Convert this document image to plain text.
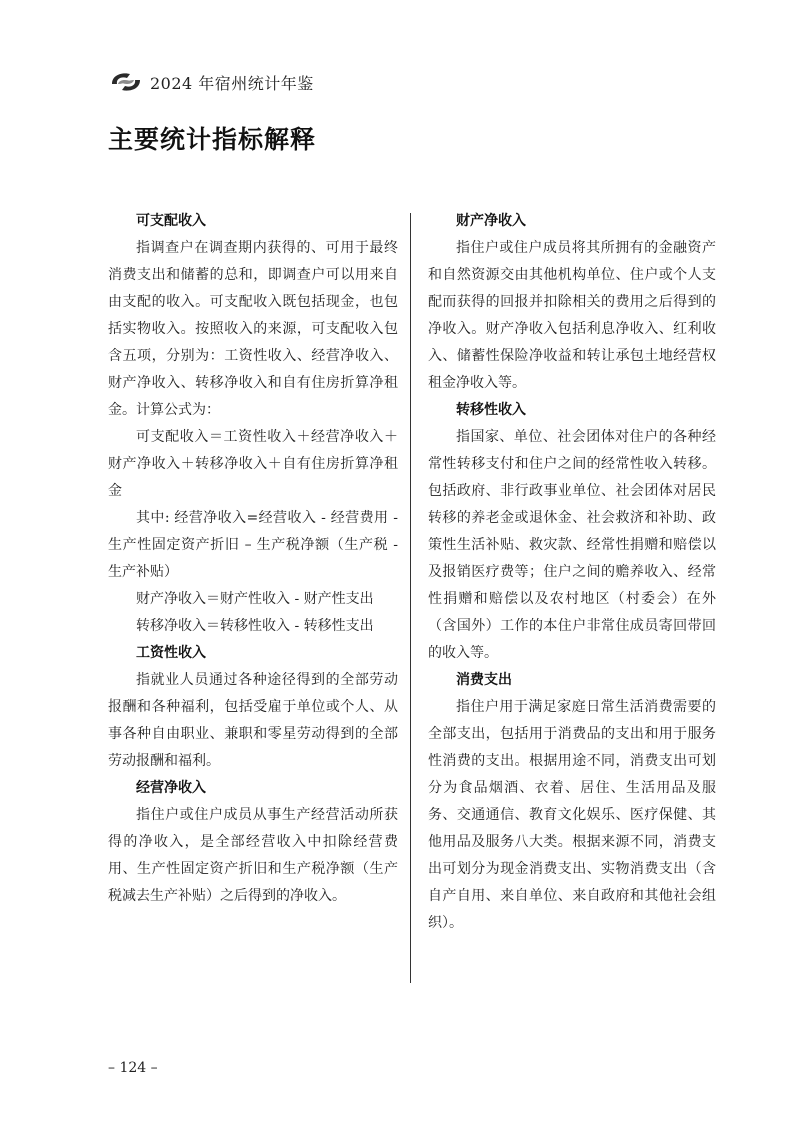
2024 年宿州统计年鉴
主要统计指标解释
可支配收入

指调查户在调查期内获得的、可用于最终消费支出和储蓄的总和，即调查户可以用来自由支配的收入。可支配收入既包括现金，也包括实物收入。按照收入的来源，可支配收入包含五项，分别为：工资性收入、经营净收入、财产净收入、转移净收入和自有住房折算净租金。计算公式为：

可支配收入＝工资性收入＋经营净收入＋财产净收入＋转移净收入＋自有住房折算净租金

其中: 经营净收入=经营收入 - 经营费用 - 生产性固定资产折旧 – 生产税净额（生产税 - 生产补贴）

财产净收入＝财产性收入 - 财产性支出

转移净收入＝转移性收入 - 转移性支出

工资性收入

指就业人员通过各种途径得到的全部劳动报酬和各种福利，包括受雇于单位或个人、从事各种自由职业、兼职和零星劳动得到的全部劳动报酬和福利。

经营净收入

指住户或住户成员从事生产经营活动所获得的净收入，是全部经营收入中扣除经营费用、生产性固定资产折旧和生产税净额（生产税减去生产补贴）之后得到的净收入。

财产净收入

指住户或住户成员将其所拥有的金融资产和自然资源交由其他机构单位、住户或个人支配而获得的回报并扣除相关的费用之后得到的净收入。财产净收入包括利息净收入、红利收入、储蓄性保险净收益和转让承包土地经营权租金净收入等。

转移性收入

指国家、单位、社会团体对住户的各种经常性转移支付和住户之间的经常性收入转移。包括政府、非行政事业单位、社会团体对居民转移的养老金或退休金、社会救济和补助、政策性生活补贴、救灾款、经常性捐赠和赔偿以及报销医疗费等；住户之间的赡养收入、经常性捐赠和赔偿以及农村地区（村委会）在外（含国外）工作的本住户非常住成员寄回带回的收入等。

消费支出

指住户用于满足家庭日常生活消费需要的全部支出，包括用于消费品的支出和用于服务性消费的支出。根据用途不同，消费支出可划分为食品烟酒、衣着、居住、生活用品及服务、交通通信、教育文化娱乐、医疗保健、其他用品及服务八大类。根据来源不同，消费支出可划分为现金消费支出、实物消费支出（含自产自用、来自单位、来自政府和其他社会组织）。

– 124 –
